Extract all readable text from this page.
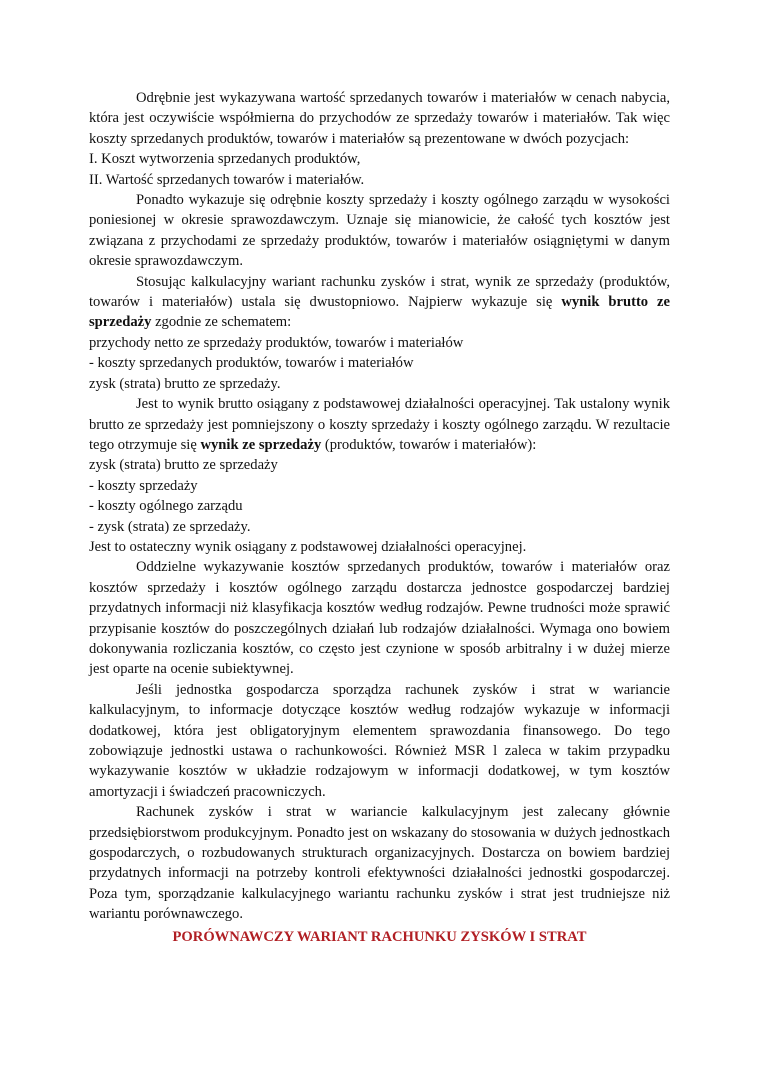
Odrębnie jest wykazywana wartość sprzedanych towarów i materiałów w cenach nabycia, która jest oczywiście współmierna do przychodów ze sprzedaży towarów i materiałów. Tak więc koszty sprzedanych produktów, towarów i materiałów są prezentowane w dwóch pozycjach:

I. Koszt wytworzenia sprzedanych produktów,

II. Wartość sprzedanych towarów i materiałów.

Ponadto wykazuje się odrębnie koszty sprzedaży i koszty ogólnego zarządu w wysokości poniesionej w okresie sprawozdawczym. Uznaje się mianowicie, że całość tych kosztów jest związana z przychodami ze sprzedaży produktów, towarów i materiałów osiągniętymi w danym okresie sprawozdawczym.

Stosując kalkulacyjny wariant rachunku zysków i strat, wynik ze sprzedaży (produktów, towarów i materiałów) ustala się dwustopniowo. Najpierw wykazuje się wynik brutto ze sprzedaży zgodnie ze schematem:

przychody netto ze sprzedaży produktów, towarów i materiałów

- koszty sprzedanych produktów, towarów i materiałów

zysk (strata) brutto ze sprzedaży.

Jest to wynik brutto osiągany z podstawowej działalności operacyjnej. Tak ustalony wynik brutto ze sprzedaży jest pomniejszony o koszty sprzedaży i koszty ogólnego zarządu. W rezultacie tego otrzymuje się wynik ze sprzedaży (produktów, towarów i materiałów):

zysk (strata) brutto ze sprzedaży

- koszty sprzedaży

- koszty ogólnego zarządu

- zysk (strata) ze sprzedaży.

Jest to ostateczny wynik osiągany z podstawowej działalności operacyjnej.

Oddzielne wykazywanie kosztów sprzedanych produktów, towarów i materiałów oraz kosztów sprzedaży i kosztów ogólnego zarządu dostarcza jednostce gospodarczej bardziej przydatnych informacji niż klasyfikacja kosztów według rodzajów. Pewne trudności może sprawić przypisanie kosztów do poszczególnych działań lub rodzajów działalności. Wymaga ono bowiem dokonywania rozliczania kosztów, co często jest czynione w sposób arbitralny i w dużej mierze jest oparte na ocenie subiektywnej.

Jeśli jednostka gospodarcza sporządza rachunek zysków i strat w wariancie kalkulacyjnym, to informacje dotyczące kosztów według rodzajów wykazuje w informacji dodatkowej, która jest obligatoryjnym elementem sprawozdania finansowego. Do tego zobowiązuje jednostki ustawa o rachunkowości. Również MSR l zaleca w takim przypadku wykazywanie kosztów w układzie rodzajowym w informacji dodatkowej, w tym kosztów amortyzacji i świadczeń pracowniczych.

Rachunek zysków i strat w wariancie kalkulacyjnym jest zalecany głównie przedsiębiorstwom produkcyjnym. Ponadto jest on wskazany do stosowania w dużych jednostkach gospodarczych, o rozbudowanych strukturach organizacyjnych. Dostarcza on bowiem bardziej przydatnych informacji na potrzeby kontroli efektywności działalności jednostki gospodarczej. Poza tym, sporządzanie kalkulacyjnego wariantu rachunku zysków i strat jest trudniejsze niż wariantu porównawczego.

PORÓWNAWCZY WARIANT RACHUNKU ZYSKÓW I STRAT
